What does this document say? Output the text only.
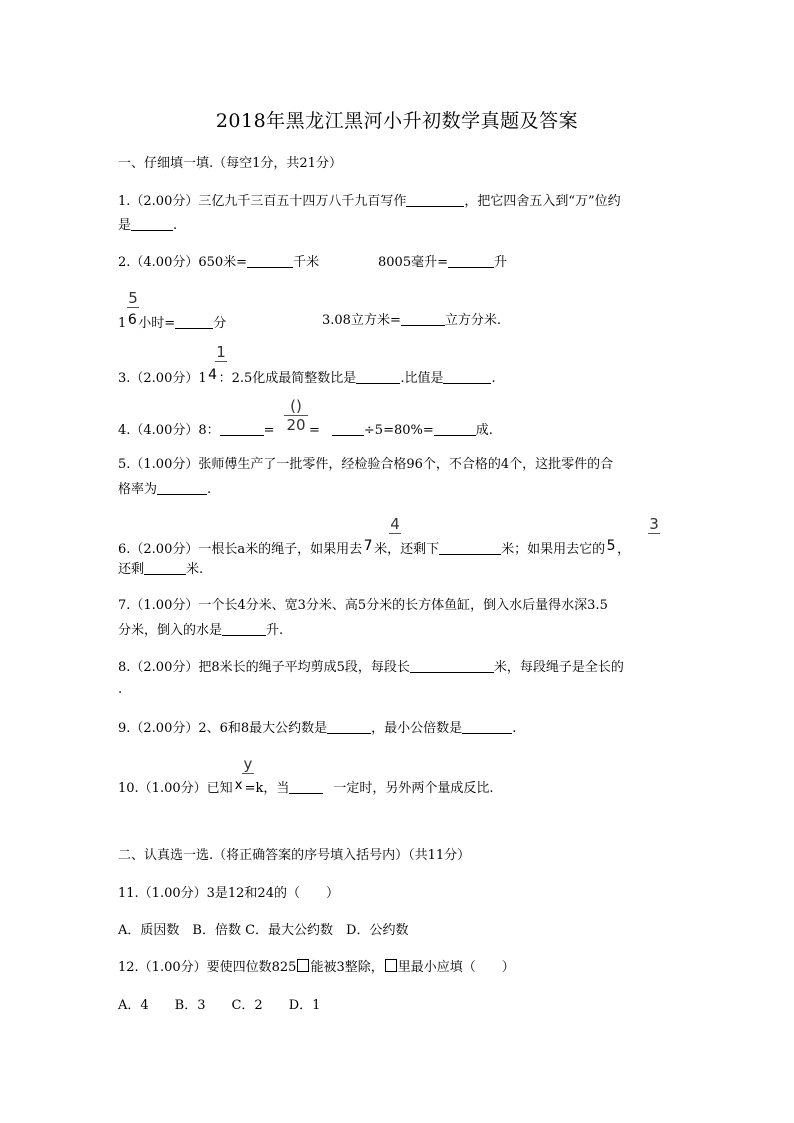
2018年黑龙江黑河小升初数学真题及答案
一、仔细填一填.（每空1分，共21分）
1.（2.00分）三亿九千三百五十四万八千九百写作	，把它四舍五入到“万”位约
是	.
2.（4.00分）650米=	千米	8005毫升=	升
5
1 6 小时=	分	3.08立方米=	立方分米.
1
3.（2.00分）1 4 ：2.5化成最简整数比是	.比值是	.
()
20
4.（4.00分）8：	=	=	÷5=80%=	成.
5.（1.00分）张师傅生产了一批零件，经检验合格96个，不合格的4个，这批零件的合
格率为	.
4	3
6.（2.00分）一根长a米的绳子，如果用去 7 米，还剩下	米；如果用去它的 5 ，
还剩	米.
7.（1.00分）一个长4分米、宽3分米、高5分米的长方体鱼缸，倒入水后量得水深3.5
分米，倒入的水是	升.
8.（2.00分）把8米长的绳子平均剪成5段，每段长	米，每段绳子是全长的
.
9.（2.00分）2、6和8最大公约数是	，最小公倍数是	.
y
10.（1.00分）已知 x =k，当	一定时，另外两个量成反比.
二、认真选一选.（将正确答案的序号填入括号内）（共11分）
11.（1.00分）3是12和24的（　　）
A．质因数　B．倍数 C．最大公约数　D．公约数
12.（1.00分）要使四位数825 能被3整除， 里最小应填（　　）
A．4　　B．3　　C．2　　D．1
